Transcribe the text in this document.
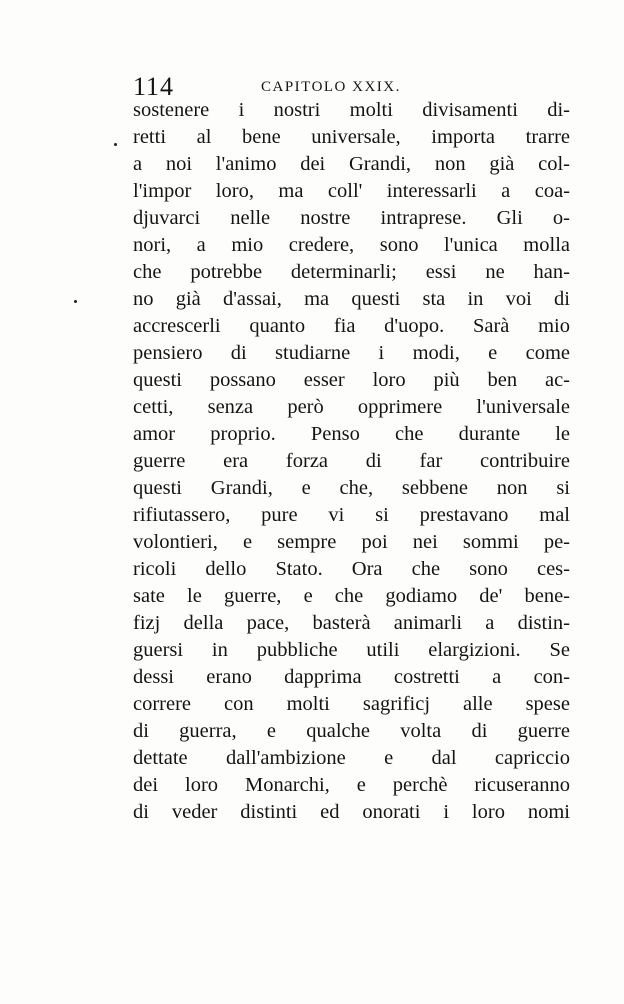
114	CAPITOLO XXIX.
sostenere i nostri molti divisamenti di-
retti al bene universale, importa trarre
a noi l'animo dei Grandi, non già col-
l'impor loro, ma coll' interessarli a coa-
djuvarci nelle nostre intraprese. Gli o-
nori, a mio credere, sono l'unica molla
che potrebbe determinarli; essi ne han-
no già d'assai, ma questi sta in voi di
accrescerli quanto fia d'uopo. Sarà mio
pensiero di studiarne i modi, e come
questi possano esser loro più ben ac-
cetti, senza però opprimere l'universale
amor proprio. Penso che durante le
guerre era forza di far contribuire
questi Grandi, e che, sebbene non si
rifiutassero, pure vi si prestavano mal
volontieri, e sempre poi nei sommi pe-
ricoli dello Stato. Ora che sono ces-
sate le guerre, e che godiamo de' bene-
fizj della pace, basterà animarli a distin-
guersi in pubbliche utili elargizioni. Se
dessi erano dapprima costretti a con-
correre con molti sagrificj alle spese
di guerra, e qualche volta di guerre
dettate dall'ambizione e dal capriccio
dei loro Monarchi, e perchè ricuseranno
di veder distinti ed onorati i loro nomi
